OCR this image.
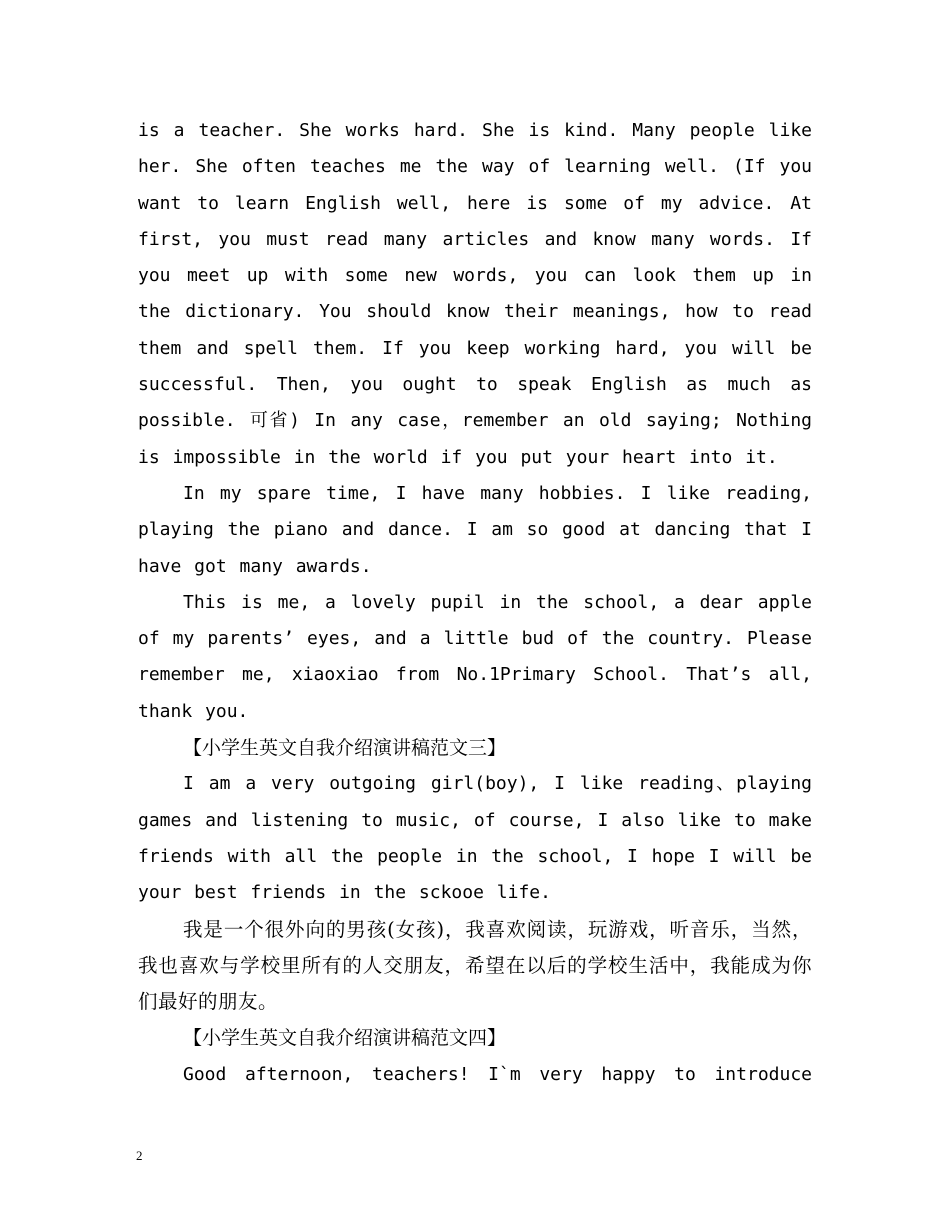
is a teacher. She works hard. She is kind. Many people like her. She often teaches me the way of learning well. (If you want to learn English well, here is some of my advice. At first, you must read many articles and know many words. If you meet up with some new words, you can look them up in the dictionary. You should know their meanings, how to read them and spell them. If you keep working hard, you will be successful. Then, you ought to speak English as much as possible. 可省) In any case，remember an old saying; Nothing is impossible in the world if you put your heart into it.

In my spare time, I have many hobbies. I like reading, playing the piano and dance. I am so good at dancing that I have got many awards.

This is me, a lovely pupil in the school, a dear apple of my parents’ eyes, and a little bud of the country. Please remember me, xiaoxiao from No.1Primary School. That’s all, thank you.

【小学生英文自我介绍演讲稿范文三】

I am a very outgoing girl(boy), I like reading、playing games and listening to music, of course, I also like to make friends with all the people in the school, I hope I will be your best friends in the sckooe life.

我是一个很外向的男孩(女孩)，我喜欢阅读，玩游戏，听音乐，当然，我也喜欢与学校里所有的人交朋友，希望在以后的学校生活中，我能成为你们最好的朋友。

【小学生英文自我介绍演讲稿范文四】

Good afternoon, teachers! I`m very happy to introduce

2
